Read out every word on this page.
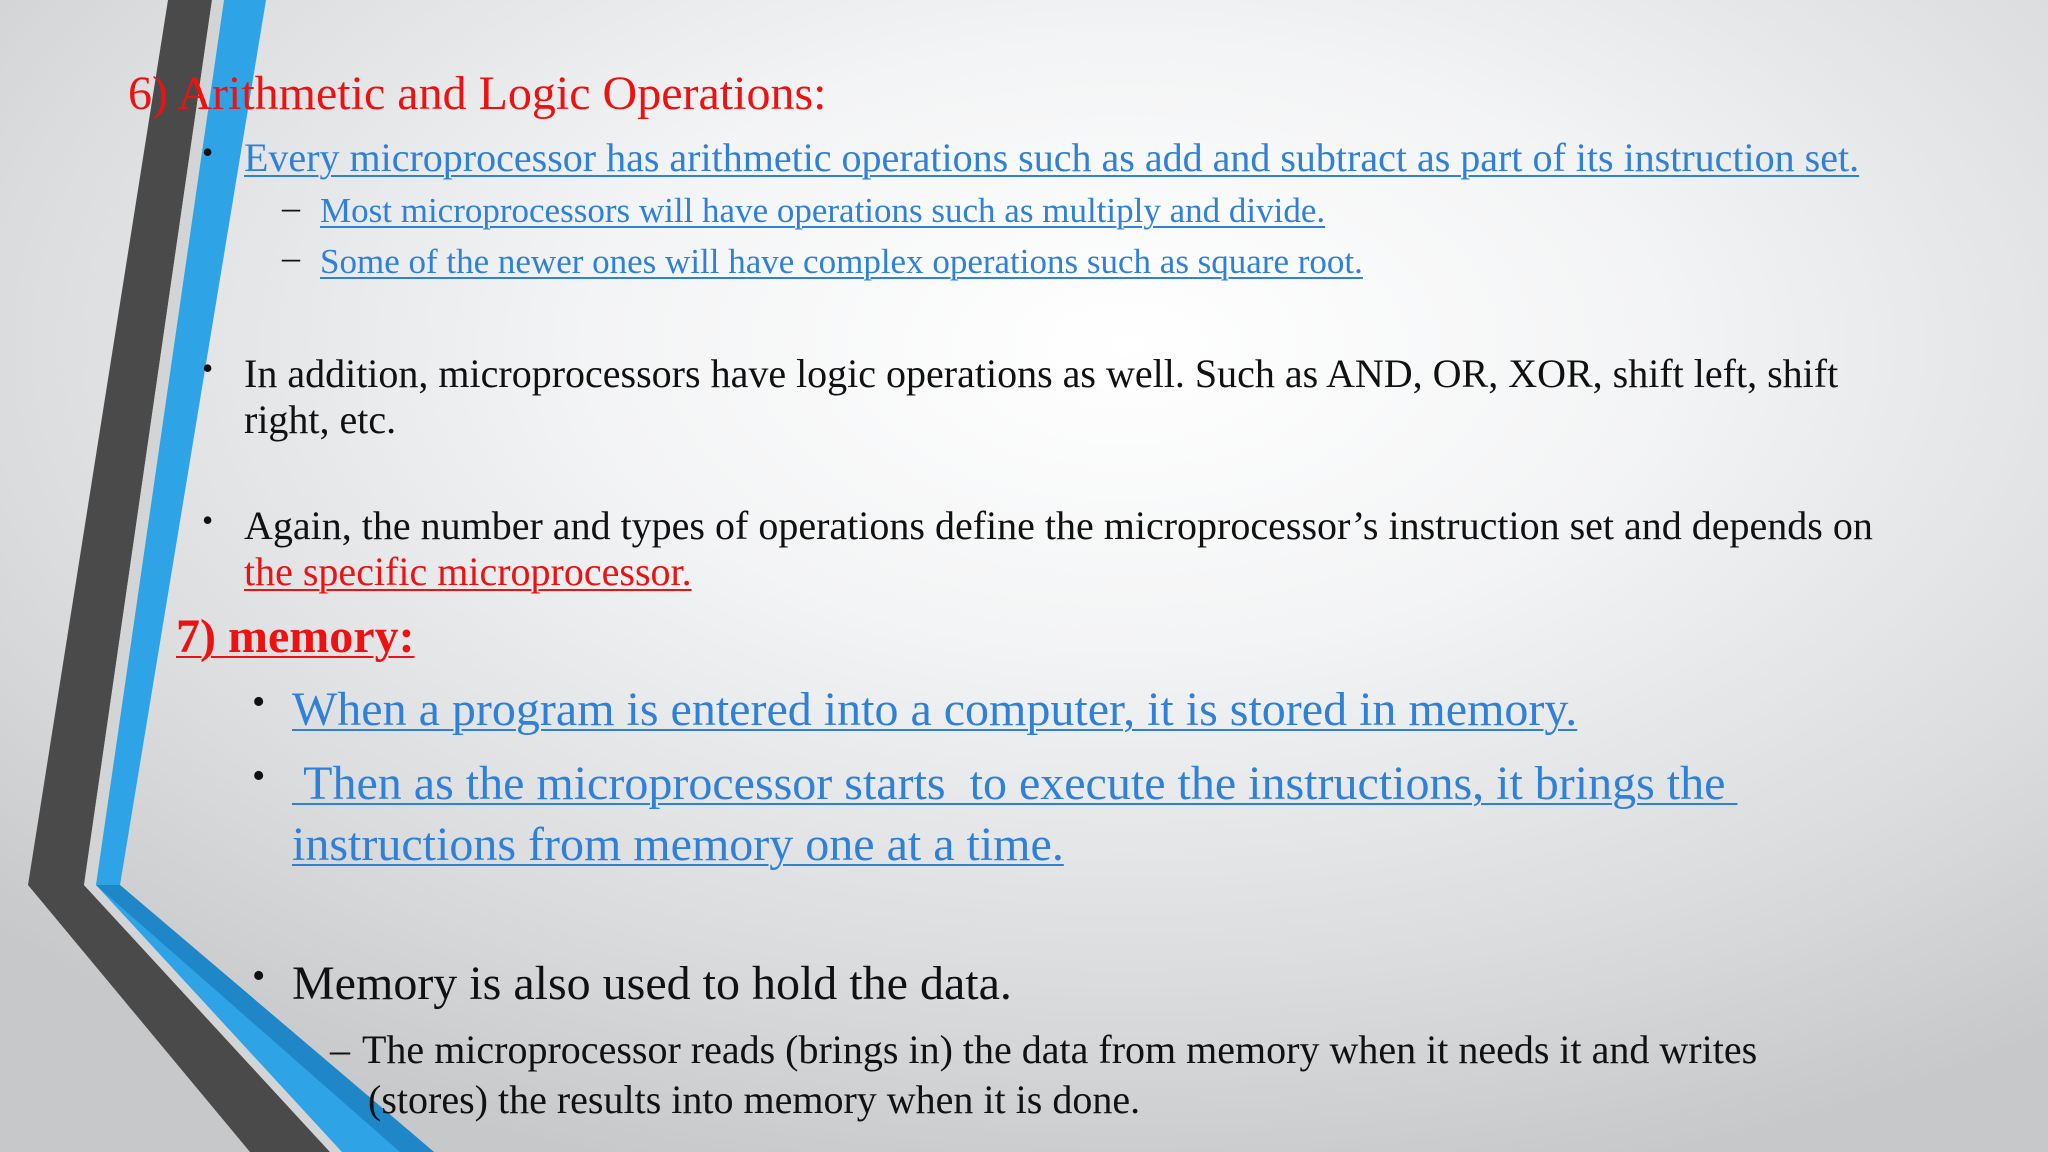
6) Arithmetic and Logic Operations:
• Every microprocessor has arithmetic operations such as add and subtract as part of its instruction set.
– Most microprocessors will have operations such as multiply and divide.
– Some of the newer ones will have complex operations such as square root.
• In addition, microprocessors have logic operations as well. Such as AND, OR, XOR, shift left, shift
right, etc.
• Again, the number and types of operations define the microprocessor’s instruction set and depends on
the specific microprocessor.
7) memory:
• When a program is entered into a computer, it is stored in memory.
• Then as the microprocessor starts  to execute the instructions, it brings the
instructions from memory one at a time.
• Memory is also used to hold the data.
– The microprocessor reads (brings in) the data from memory when it needs it and writes
(stores) the results into memory when it is done.
